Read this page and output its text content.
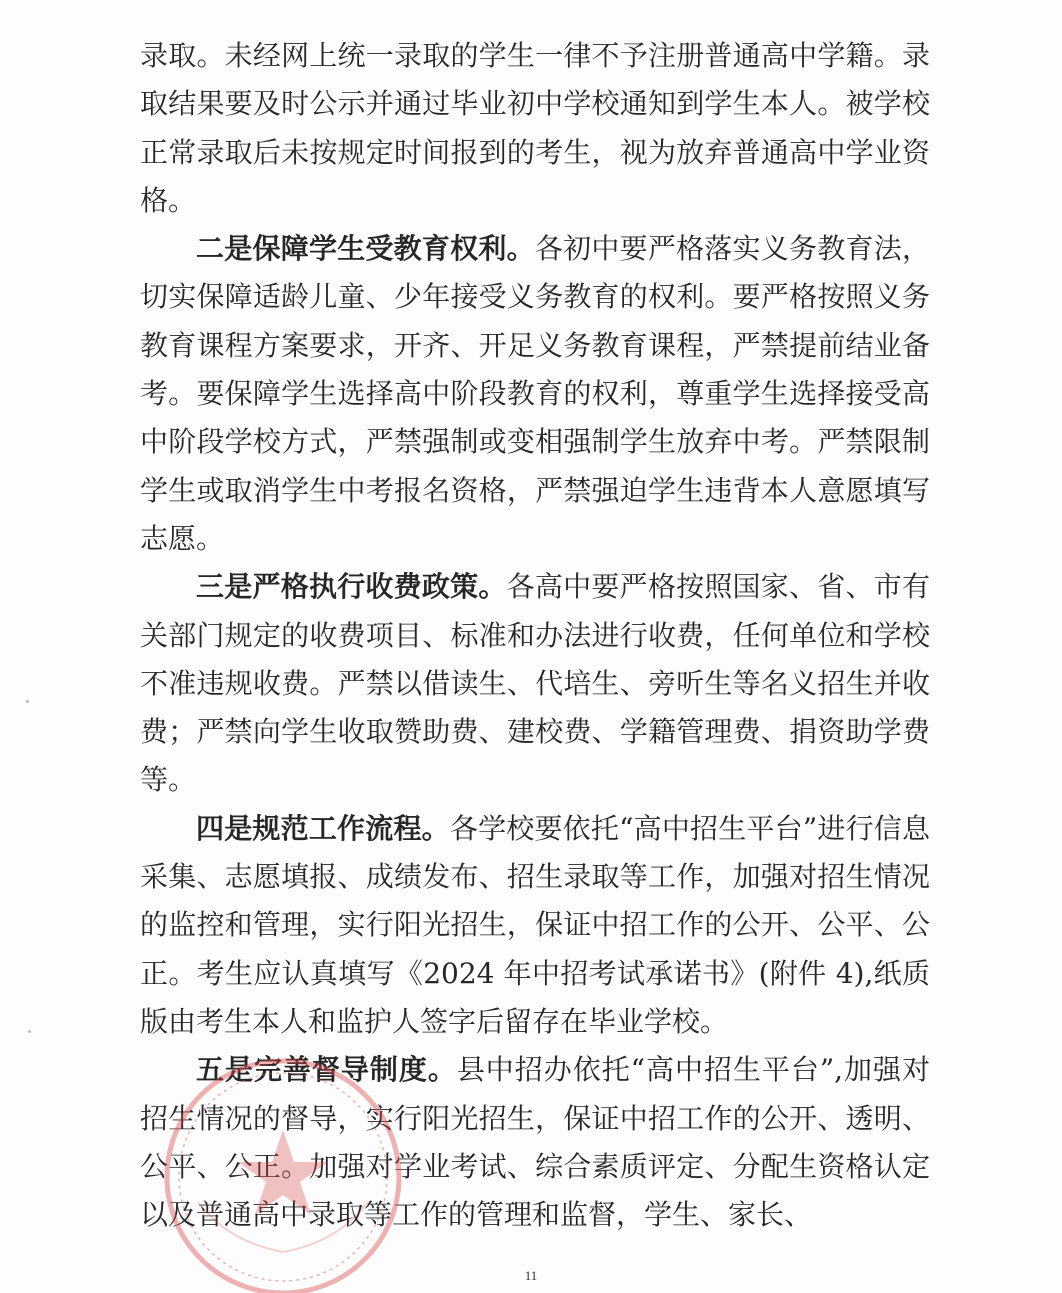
录取。未经网上统一录取的学生一律不予注册普通高中学籍。录取结果要及时公示并通过毕业初中学校通知到学生本人。被学校正常录取后未按规定时间报到的考生，视为放弃普通高中学业资格。

二是保障学生受教育权利。各初中要严格落实义务教育法，切实保障适龄儿童、少年接受义务教育的权利。要严格按照义务教育课程方案要求，开齐、开足义务教育课程，严禁提前结业备考。要保障学生选择高中阶段教育的权利，尊重学生选择接受高中阶段学校方式，严禁强制或变相强制学生放弃中考。严禁限制学生或取消学生中考报名资格，严禁强迫学生违背本人意愿填写志愿。

三是严格执行收费政策。各高中要严格按照国家、省、市有关部门规定的收费项目、标准和办法进行收费，任何单位和学校不准违规收费。严禁以借读生、代培生、旁听生等名义招生并收费；严禁向学生收取赞助费、建校费、学籍管理费、捐资助学费等。

四是规范工作流程。各学校要依托“高中招生平台”进行信息采集、志愿填报、成绩发布、招生录取等工作，加强对招生情况的监控和管理，实行阳光招生，保证中招工作的公开、公平、公正。考生应认真填写《2024 年中招考试承诺书》(附件 4),纸质版由考生本人和监护人签字后留存在毕业学校。

五是完善督导制度。县中招办依托“高中招生平台”,加强对招生情况的督导，实行阳光招生，保证中招工作的公开、透明、公平、公正。加强对学业考试、综合素质评定、分配生资格认定以及普通高中录取等工作的管理和监督，学生、家长、

11
